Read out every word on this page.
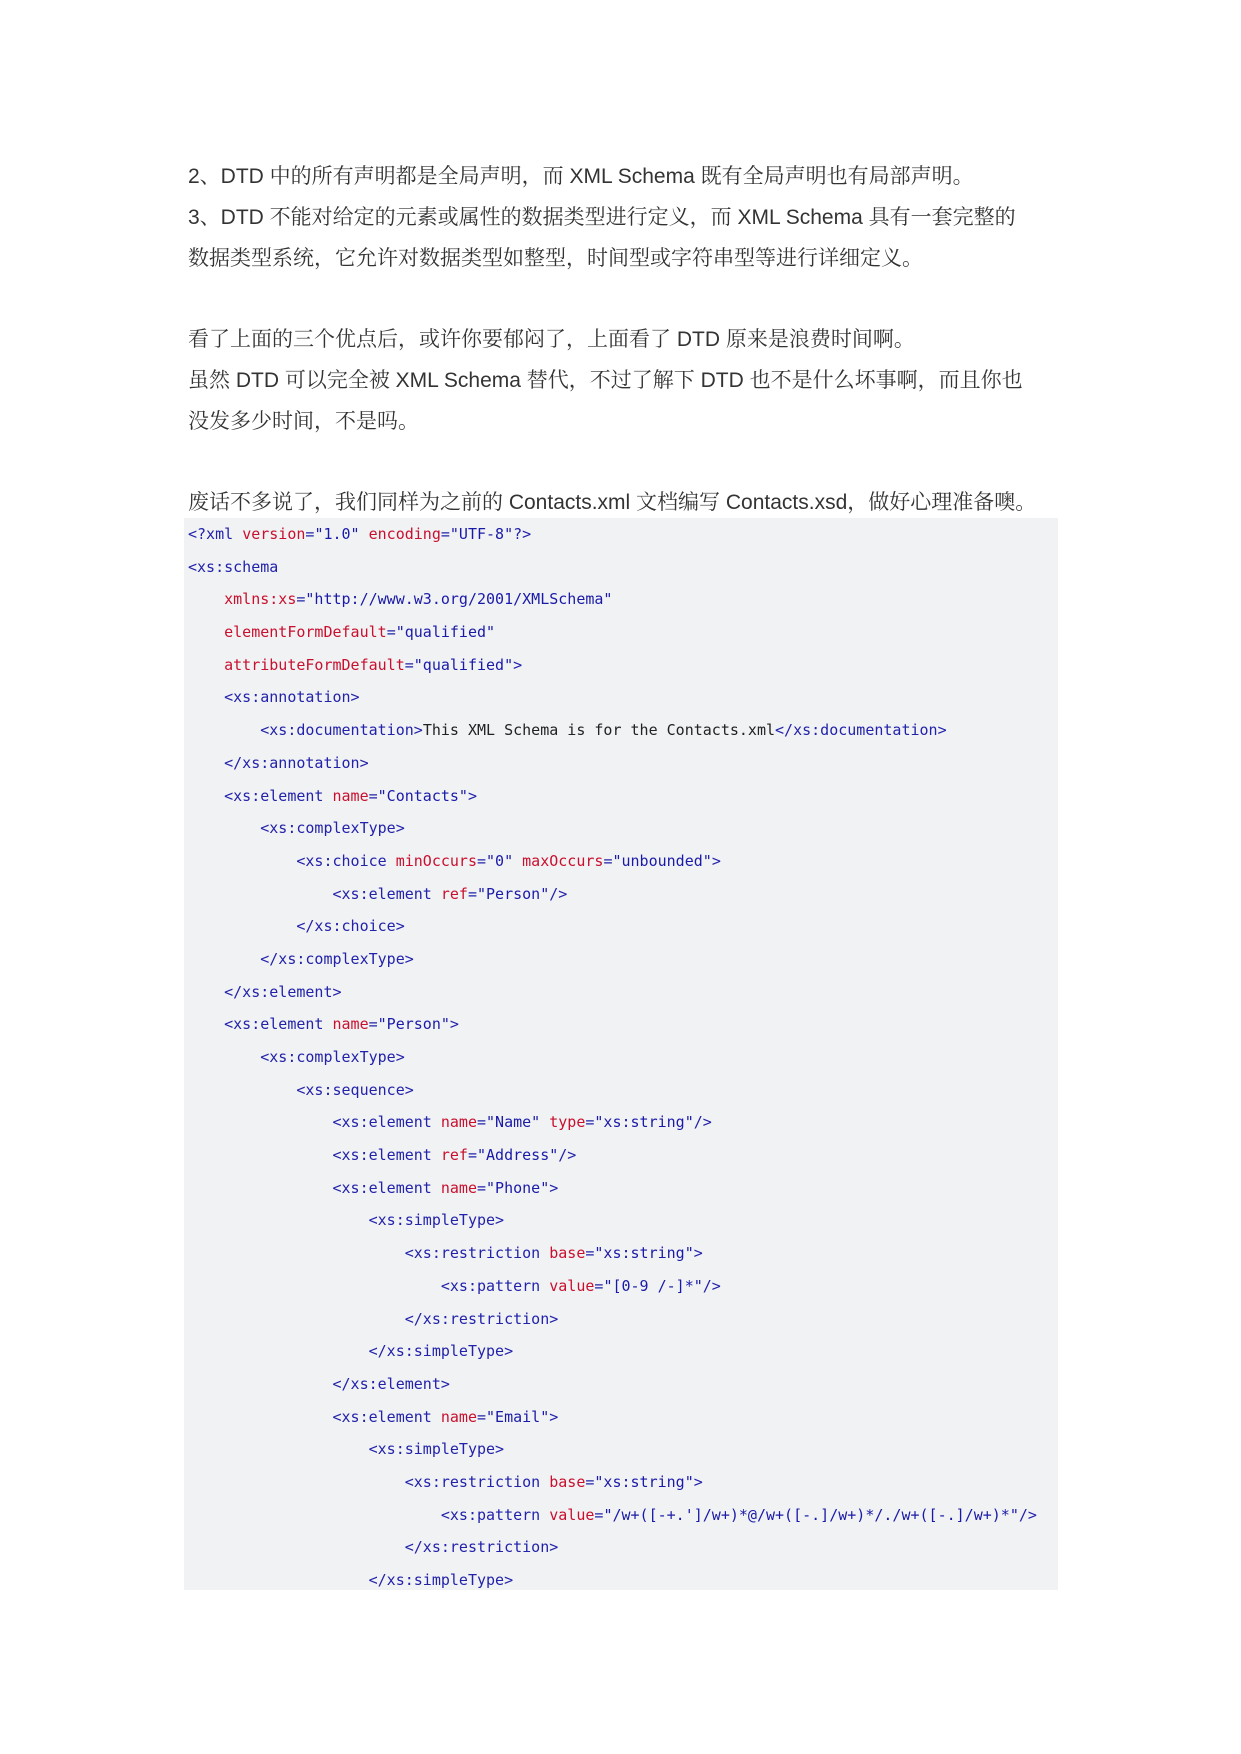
2、DTD 中的所有声明都是全局声明，而 XML Schema 既有全局声明也有局部声明。
3、DTD 不能对给定的元素或属性的数据类型进行定义，而 XML Schema 具有一套完整的
数据类型系统，它允许对数据类型如整型，时间型或字符串型等进行详细定义。
看了上面的三个优点后，或许你要郁闷了，上面看了 DTD 原来是浪费时间啊。
虽然 DTD 可以完全被 XML Schema 替代，不过了解下 DTD 也不是什么坏事啊，而且你也
没发多少时间，不是吗。
废话不多说了，我们同样为之前的 Contacts.xml 文档编写 Contacts.xsd，做好心理准备噢。
<?xml version="1.0" encoding="UTF-8"?>
<xs:schema
xmlns:xs="http://www.w3.org/2001/XMLSchema"
elementFormDefault="qualified"
attributeFormDefault="qualified">
<xs:annotation>
<xs:documentation>This XML Schema is for the Contacts.xml</xs:documentation>
</xs:annotation>
<xs:element name="Contacts">
<xs:complexType>
<xs:choice minOccurs="0" maxOccurs="unbounded">
<xs:element ref="Person"/>
</xs:choice>
</xs:complexType>
</xs:element>
<xs:element name="Person">
<xs:complexType>
<xs:sequence>
<xs:element name="Name" type="xs:string"/>
<xs:element ref="Address"/>
<xs:element name="Phone">
<xs:simpleType>
<xs:restriction base="xs:string">
<xs:pattern value="[0-9 /-]*"/>
</xs:restriction>
</xs:simpleType>
</xs:element>
<xs:element name="Email">
<xs:simpleType>
<xs:restriction base="xs:string">
<xs:pattern value="/w+([-+.']/w+)*@/w+([-.]/w+)*/./w+([-.]/w+)*"/>
</xs:restriction>
</xs:simpleType>
